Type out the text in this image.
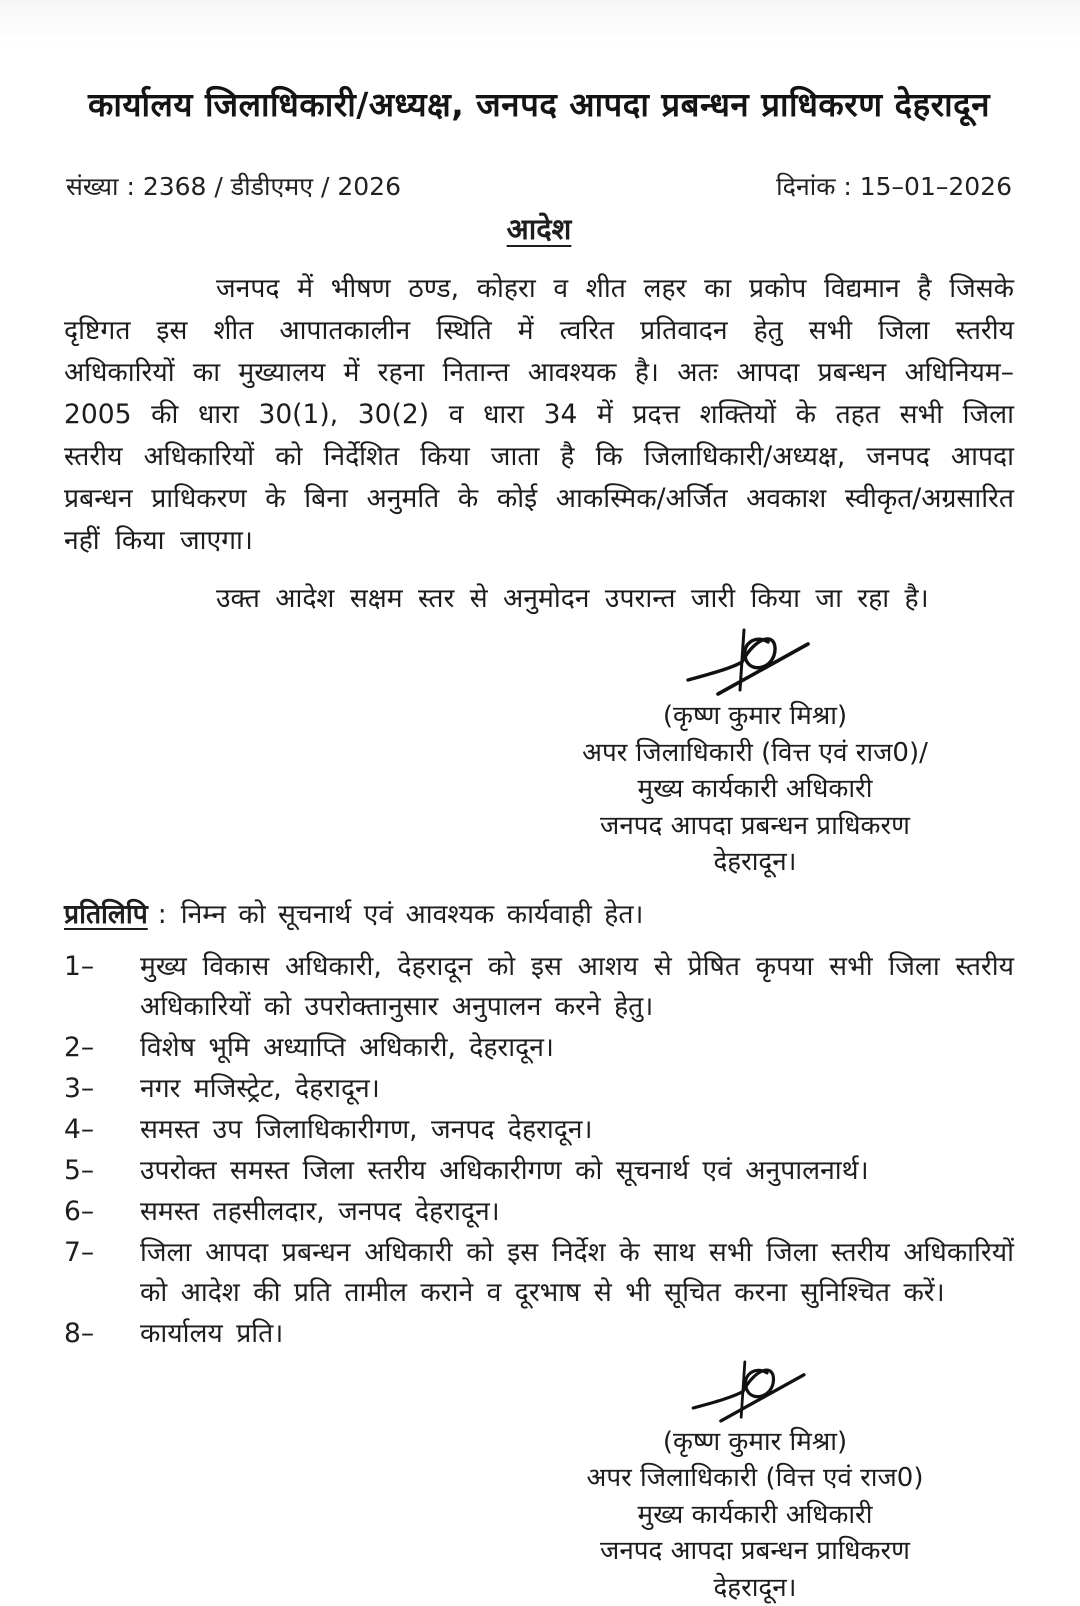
कार्यालय जिलाधिकारी/अध्यक्ष, जनपद आपदा प्रबन्धन प्राधिकरण देहरादून
संख्या : 2368 / डीडीएमए / 2026	दिनांक : 15–01–2026
आदेश

जनपद में भीषण ठण्ड, कोहरा व शीत लहर का प्रकोप विद्यमान है जिसके दृष्टिगत इस शीत आपातकालीन स्थिति में त्वरित प्रतिवादन हेतु सभी जिला स्तरीय अधिकारियों का मुख्यालय में रहना नितान्त आवश्यक है। अतः आपदा प्रबन्धन अधिनियम–2005 की धारा 30(1), 30(2) व धारा 34 में प्रदत्त शक्तियों के तहत सभी जिला स्तरीय अधिकारियों को निर्देशित किया जाता है कि जिलाधिकारी/अध्यक्ष, जनपद आपदा प्रबन्धन प्राधिकरण के बिना अनुमति के कोई आकस्मिक/अर्जित अवकाश स्वीकृत/अग्रसारित नहीं किया जाएगा।

उक्त आदेश सक्षम स्तर से अनुमोदन उपरान्त जारी किया जा रहा है।

(कृष्ण कुमार मिश्रा)
अपर जिलाधिकारी (वित्त एवं राज0)/
मुख्य कार्यकारी अधिकारी
जनपद आपदा प्रबन्धन प्राधिकरण
देहरादून।
प्रतिलिपि : निम्न को सूचनार्थ एवं आवश्यक कार्यवाही हेत।
1–	मुख्य विकास अधिकारी, देहरादून को इस आशय से प्रेषित कृपया सभी जिला स्तरीय अधिकारियों को उपरोक्तानुसार अनुपालन करने हेतु।
2–	विशेष भूमि अध्याप्ति अधिकारी, देहरादून।
3–	नगर मजिस्ट्रेट, देहरादून।
4–	समस्त उप जिलाधिकारीगण, जनपद देहरादून।
5–	उपरोक्त समस्त जिला स्तरीय अधिकारीगण को सूचनार्थ एवं अनुपालनार्थ।
6–	समस्त तहसीलदार, जनपद देहरादून।
7–	जिला आपदा प्रबन्धन अधिकारी को इस निर्देश के साथ सभी जिला स्तरीय अधिकारियों को आदेश की प्रति तामील कराने व दूरभाष से भी सूचित करना सुनिश्चित करें।
8–	कार्यालय प्रति।
(कृष्ण कुमार मिश्रा)
अपर जिलाधिकारी (वित्त एवं राज0)
मुख्य कार्यकारी अधिकारी
जनपद आपदा प्रबन्धन प्राधिकरण
देहरादून।
